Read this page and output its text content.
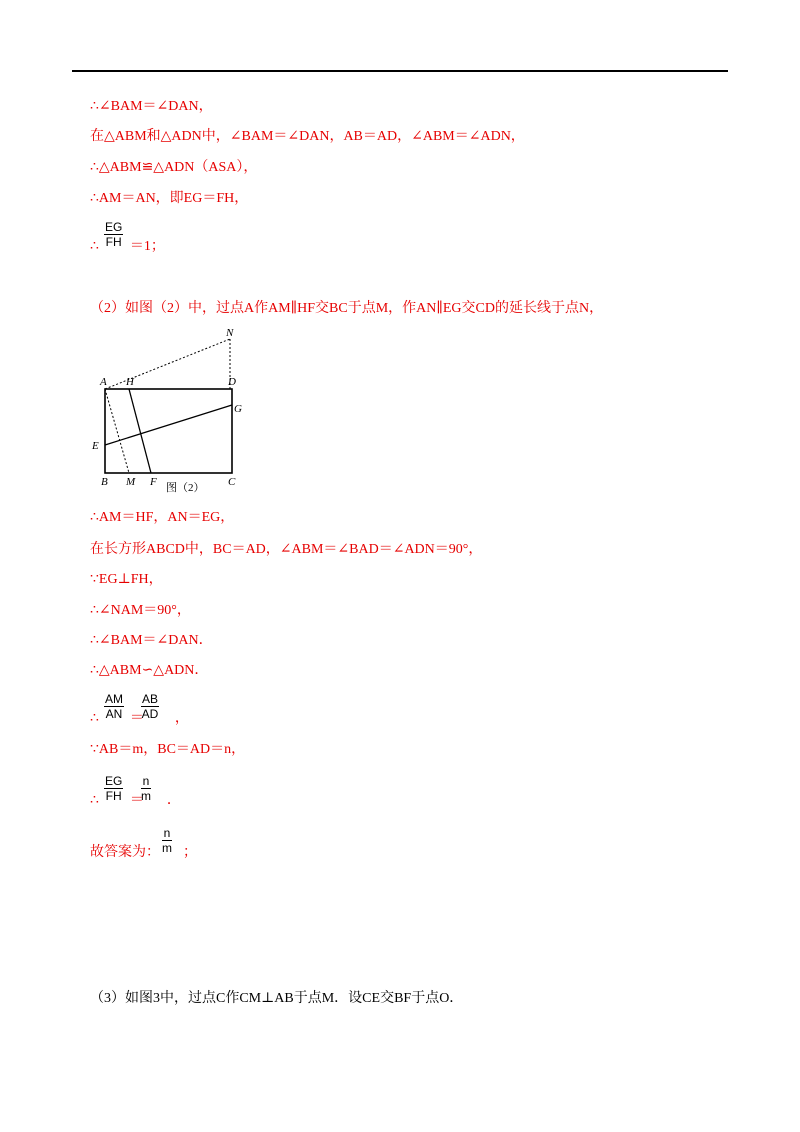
∴∠BAM＝∠DAN，
在△ABM和△ADN中，∠BAM＝∠DAN，AB＝AD，∠ABM＝∠ADN，
∴△ABM≌△ADN（ASA），
∴AM＝AN，即EG＝FH，
∴ ＝1；
$\frac{EG}{FH}$
（2）如图（2）中，过点A作AM∥HF交BC于点M，作AN∥EG交CD的延长线于点N，
N
A H	D
G
E
B M F	C
图（2）
∴AM＝HF，AN＝EG，
在长方形ABCD中，BC＝AD，∠ABM＝∠BAD＝∠ADN＝90°，
∵EG⊥FH，
∴∠NAM＝90°，
∴∠BAM＝∠DAN．
∴△ABM∽△ADN．
∴ ＝ ，
$\frac{AM}{AN} \frac{AB}{AD}$
∵AB＝m，BC＝AD＝n，
∴ ＝ ．
$\frac{EG}{FH} \frac{n}{m}$
故答案为： ；
$\frac{n}{m}$
（3）如图3中，过点C作CM⊥AB于点M．设CE交BF于点O．
